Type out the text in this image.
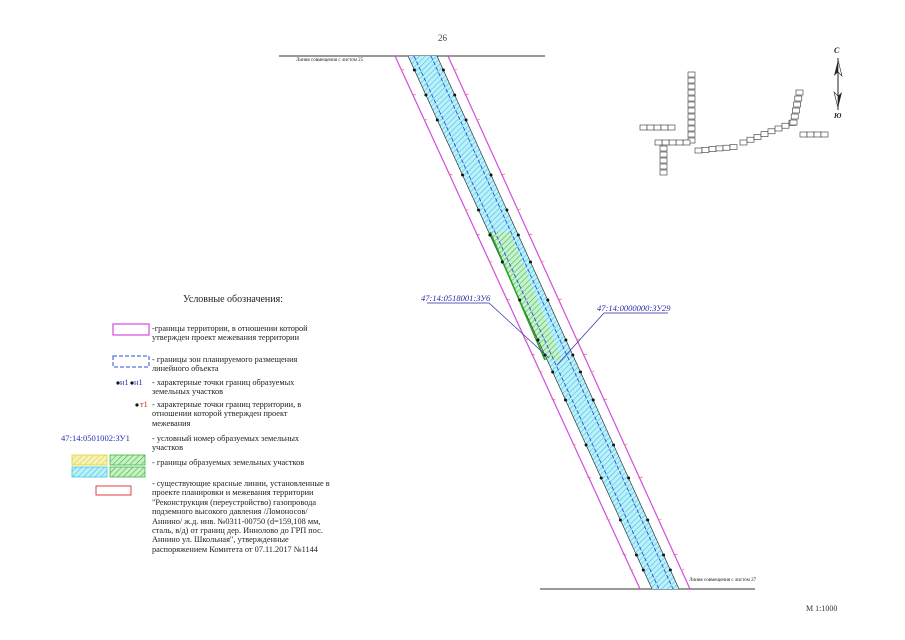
26
Линия совмещения с листом 25
Линия совмещения с листом 27
М 1:1000
47:14:0518001:ЗУ6
47:14:0000000:ЗУ29
С
Ю
Условные обозначения:
-границы территории, в отношении которой утвержден проект межевания территории
- границы зон планируемого размещения линейного объекта
н1 н1 - характерные точки границ образуемых земельных участков
т1 - характерные точки границ территории, в отношении которой утвержден проект межевания
47:14:0501002:ЗУ1	- условный номер образуемых земельных участков
- границы образуемых земельных участков
- существующие красные линии, установленные в проекте планировки и межевания территории "Реконструкция (переустройство) газопровода подземного высокого давления /Ломоносов/Аннино/ ж.д. инв. №0311-00750 (d=159,108 мм, сталь, в/д) от границ дер. Иннолово до ГРП пос. Аннино ул. Школьная", утвержденные распоряжением Комитета от 07.11.2017 №1144
